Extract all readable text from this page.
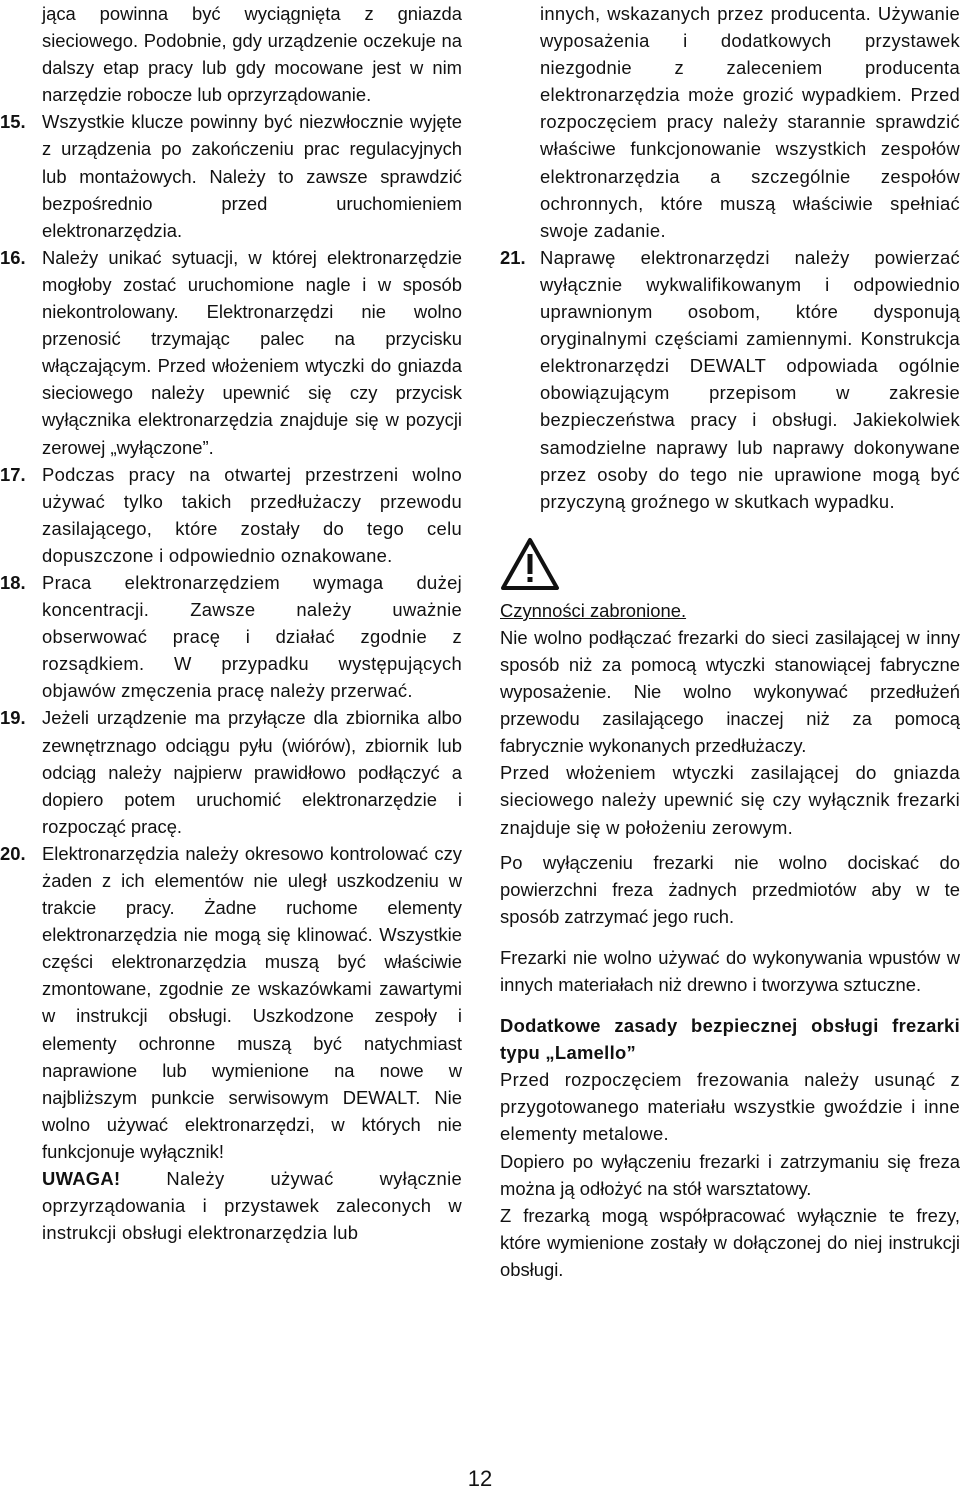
jąca powinna być wyciągnięta z gniazda sieciowego. Podobnie, gdy urządzenie oczekuje na dalszy etap pracy lub gdy mocowane jest w nim narzędzie robocze lub oprzyrządowanie.

15. Wszystkie klucze powinny być niezwłocznie wyjęte z urządzenia po zakończeniu prac regulacyjnych lub montażowych. Należy to zawsze sprawdzić bezpośrednio przed uruchomieniem elektronarzędzia.
16. Należy unikać sytuacji, w której elektronarzędzie mogłoby zostać uruchomione nagle i w sposób niekontrolowany. Elektronarzędzi nie wolno przenosić trzymając palec na przycisku włączającym. Przed włożeniem wtyczki do gniazda sieciowego należy upewnić się czy przycisk wyłącznika elektronarzędzia znajduje się w pozycji zerowej „wyłączone”.
17. Podczas pracy na otwartej przestrzeni wolno używać tylko takich przedłużaczy przewodu zasilającego, które zostały do tego celu dopuszczone i odpowiednio oznakowane.
18. Praca elektronarzędziem wymaga dużej koncentracji. Zawsze należy uważnie obserwować pracę i działać zgodnie z rozsądkiem. W przypadku występujących objawów zmęczenia pracę należy przerwać.
19. Jeżeli urządzenie ma przyłącze dla zbiornika albo zewnętrznago odciągu pyłu (wiórów), zbiornik lub odciąg należy najpierw prawidłowo podłączyć a dopiero potem uruchomić elektronarzędzie i rozpocząć pracę.
20. Elektronarzędzia należy okresowo kontrolować czy żaden z ich elementów nie uległ uszkodzeniu w trakcie pracy. Żadne ruchome elementy elektronarzędzia nie mogą się klinować. Wszystkie części elektronarzędzia muszą być właściwie zmontowane, zgodnie ze wskazówkami zawartymi w instrukcji obsługi. Uszkodzone zespoły i elementy ochronne muszą być natychmiast naprawione lub wymienione na nowe w najbliższym punkcie serwisowym DEWALT. Nie wolno używać elektronarzędzi, w których nie funkcjonuje wyłącznik!

UWAGA! Należy używać wyłącznie oprzyrządowania i przystawek zaleconych w instrukcji obsługi elektronarzędzia lub

innych, wskazanych przez producenta. Używanie wyposażenia i dodatkowych przystawek niezgodnie z zaleceniem producenta elektronarzędzia może grozić wypadkiem. Przed rozpoczęciem pracy należy starannie sprawdzić właściwe funkcjonowanie wszystkich zespołów elektronarzędzia a szczególnie zespołów ochronnych, które muszą właściwie spełniać swoje zadanie.

21. Naprawę elektronarzędzi należy powierzać wyłącznie wykwalifikowanym i odpowiednio uprawnionym osobom, które dysponują oryginalnymi częściami zamiennymi. Konstrukcja elektronarzędzi DEWALT odpowiada ogólnie obowiązującym przepisom w zakresie bezpieczeństwa pracy i obsługi. Jakiekolwiek samodzielne naprawy lub naprawy dokonywane przez osoby do tego nie uprawione mogą być przyczyną groźnego w skutkach wypadku.

Czynności zabronione.

Nie wolno podłączać frezarki do sieci zasilającej w inny sposób niż za pomocą wtyczki stanowiącej fabryczne wyposażenie. Nie wolno wykonywać przedłużeń przewodu zasilającego inaczej niż za pomocą fabrycznie wykonanych przedłużaczy.

Przed włożeniem wtyczki zasilającej do gniazda sieciowego należy upewnić się czy wyłącznik frezarki znajduje się w położeniu zerowym.

Po wyłączeniu frezarki nie wolno dociskać do powierzchni freza żadnych przedmiotów aby w te sposób zatrzymać jego ruch.

Frezarki nie wolno używać do wykonywania wpustów w innych materiałach niż drewno i tworzywa sztuczne.

Dodatkowe zasady bezpiecznej obsługi frezarki typu „Lamello”

Przed rozpoczęciem frezowania należy usunąć z przygotowanego materiału wszystkie gwoździe i inne elementy metalowe.

Dopiero po wyłączeniu frezarki i zatrzymaniu się freza można ją odłożyć na stół warsztatowy.

Z frezarką mogą współpracować wyłącznie te frezy, które wymienione zostały w dołączonej do niej instrukcji obsługi.

12
